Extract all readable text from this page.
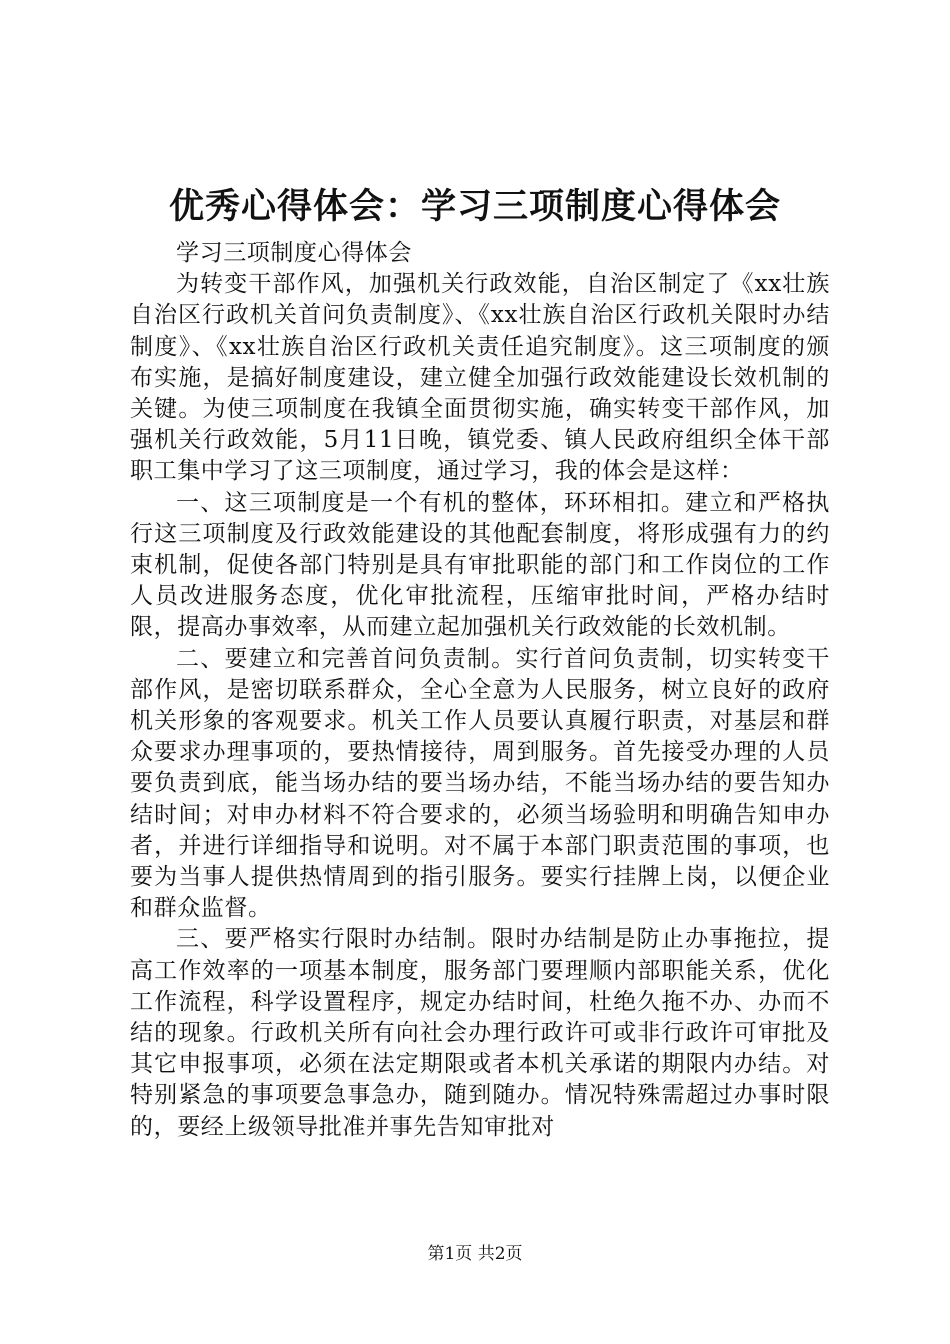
优秀心得体会：学习三项制度心得体会

学习三项制度心得体会

为转变干部作风，加强机关行政效能，自治区制定了《xx壮族自治区行政机关首问负责制度》、《xx壮族自治区行政机关限时办结制度》、《xx壮族自治区行政机关责任追究制度》。这三项制度的颁布实施，是搞好制度建设，建立健全加强行政效能建设长效机制的关键。为使三项制度在我镇全面贯彻实施，确实转变干部作风，加强机关行政效能，5月11日晚，镇党委、镇人民政府组织全体干部职工集中学习了这三项制度，通过学习，我的体会是这样：

一、这三项制度是一个有机的整体，环环相扣。建立和严格执行这三项制度及行政效能建设的其他配套制度，将形成强有力的约束机制，促使各部门特别是具有审批职能的部门和工作岗位的工作人员改进服务态度，优化审批流程，压缩审批时间，严格办结时限，提高办事效率，从而建立起加强机关行政效能的长效机制。

二、要建立和完善首问负责制。实行首问负责制，切实转变干部作风，是密切联系群众，全心全意为人民服务，树立良好的政府机关形象的客观要求。机关工作人员要认真履行职责，对基层和群众要求办理事项的，要热情接待，周到服务。首先接受办理的人员要负责到底，能当场办结的要当场办结，不能当场办结的要告知办结时间；对申办材料不符合要求的，必须当场验明和明确告知申办者，并进行详细指导和说明。对不属于本部门职责范围的事项，也要为当事人提供热情周到的指引服务。要实行挂牌上岗，以便企业和群众监督。

三、要严格实行限时办结制。限时办结制是防止办事拖拉，提高工作效率的一项基本制度，服务部门要理顺内部职能关系，优化工作流程，科学设置程序，规定办结时间，杜绝久拖不办、办而不结的现象。行政机关所有向社会办理行政许可或非行政许可审批及其它申报事项，必须在法定期限或者本机关承诺的期限内办结。对特别紧急的事项要急事急办，随到随办。情况特殊需超过办事时限的，要经上级领导批准并事先告知审批对

第1页 共2页
